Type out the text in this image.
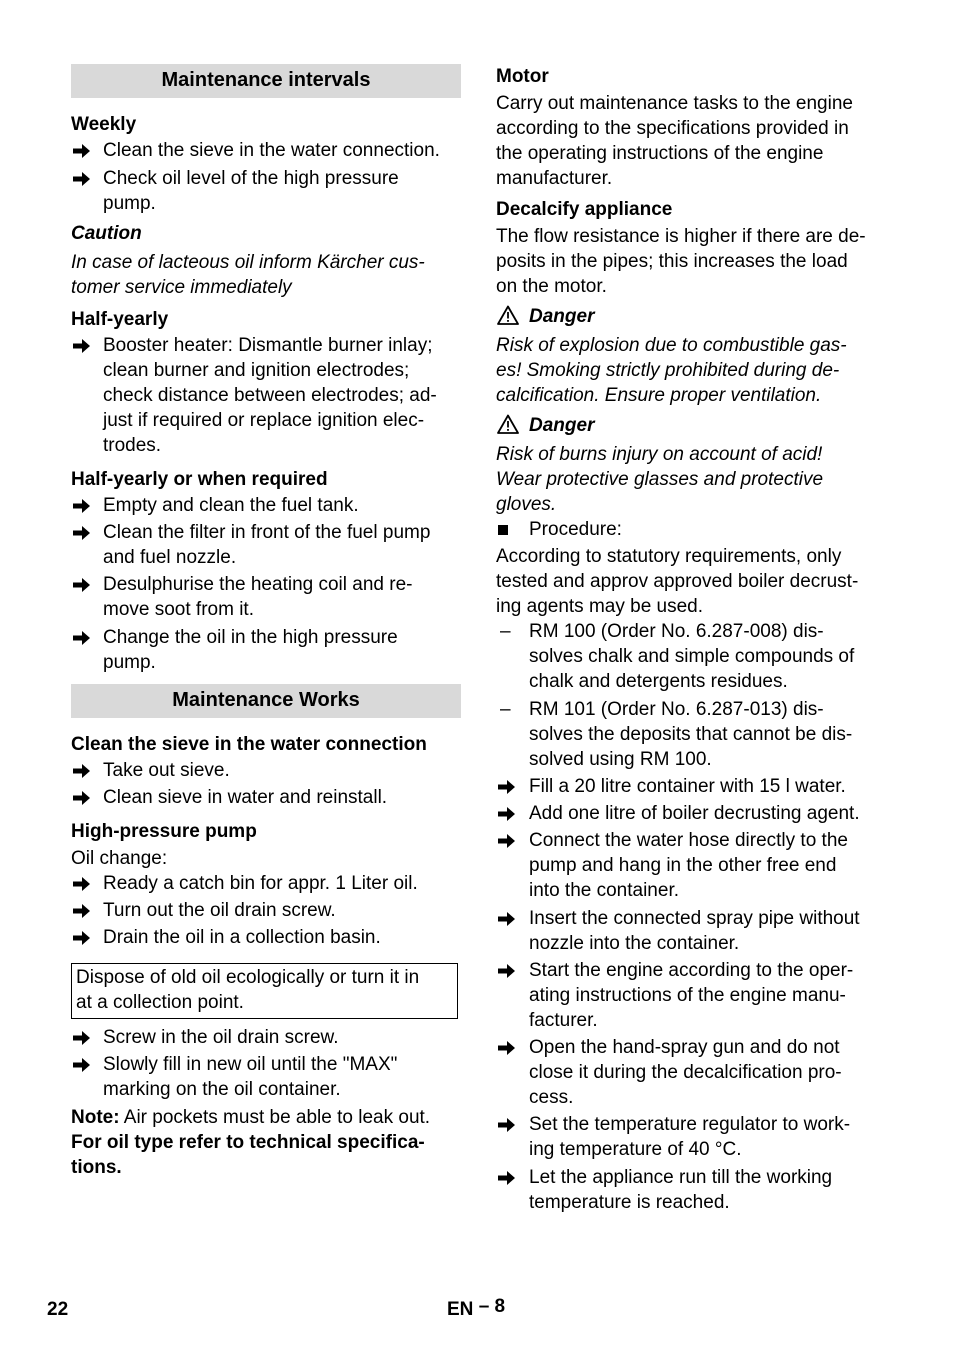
Maintenance intervals
Weekly
Clean the sieve in the water connection.
Check oil level of the high pressure
pump.
Caution
In case of lacteous oil inform Kärcher cus-
tomer service immediately
Half-yearly
Booster heater: Dismantle burner inlay;
clean burner and ignition electrodes;
check distance between electrodes; ad-
just if required or replace ignition elec-
trodes.
Half-yearly or when required
Empty and clean the fuel tank.
Clean the filter in front of the fuel pump
and fuel nozzle.
Desulphurise the heating coil and re-
move soot from it.
Change the oil in the high pressure
pump.
Maintenance Works
Clean the sieve in the water connection
Take out sieve.
Clean sieve in water and reinstall.
High-pressure pump
Oil change:
Ready a catch bin for appr. 1 Liter oil.
Turn out the oil drain screw.
Drain the oil in a collection basin.
Dispose of old oil ecologically or turn it in
at a collection point.
Screw in the oil drain screw.
Slowly fill in new oil until the "MAX"
marking on the oil container.
Note: Air pockets must be able to leak out.
For oil type refer to technical specifica-
tions.
Motor
Carry out maintenance tasks to the engine
according to the specifications provided in
the operating instructions of the engine
manufacturer.
Decalcify appliance
The flow resistance is higher if there are de-
posits in the pipes; this increases the load
on the motor.
Danger
Risk of explosion due to combustible gas-
es! Smoking strictly prohibited during de-
calcification. Ensure proper ventilation.
Danger
Risk of burns injury on account of acid!
Wear protective glasses and protective
gloves.
Procedure:
According to statutory requirements, only
tested and approv approved boiler decrust-
ing agents may be used.
– RM 100 (Order No. 6.287-008) dis-
solves chalk and simple compounds of
chalk and detergents residues.
– RM 101 (Order No. 6.287-013) dis-
solves the deposits that cannot be dis-
solved using RM 100.
Fill a 20 litre container with 15 l water.
Add one litre of boiler decrusting agent.
Connect the water hose directly to the
pump and hang in the other free end
into the container.
Insert the connected spray pipe without
nozzle into the container.
Start the engine according to the oper-
ating instructions of the engine manu-
facturer.
Open the hand-spray gun and do not
close it during the decalcification pro-
cess.
Set the temperature regulator to work-
ing temperature of 40 °C.
Let the appliance run till the working
temperature is reached.
22	EN – 8
